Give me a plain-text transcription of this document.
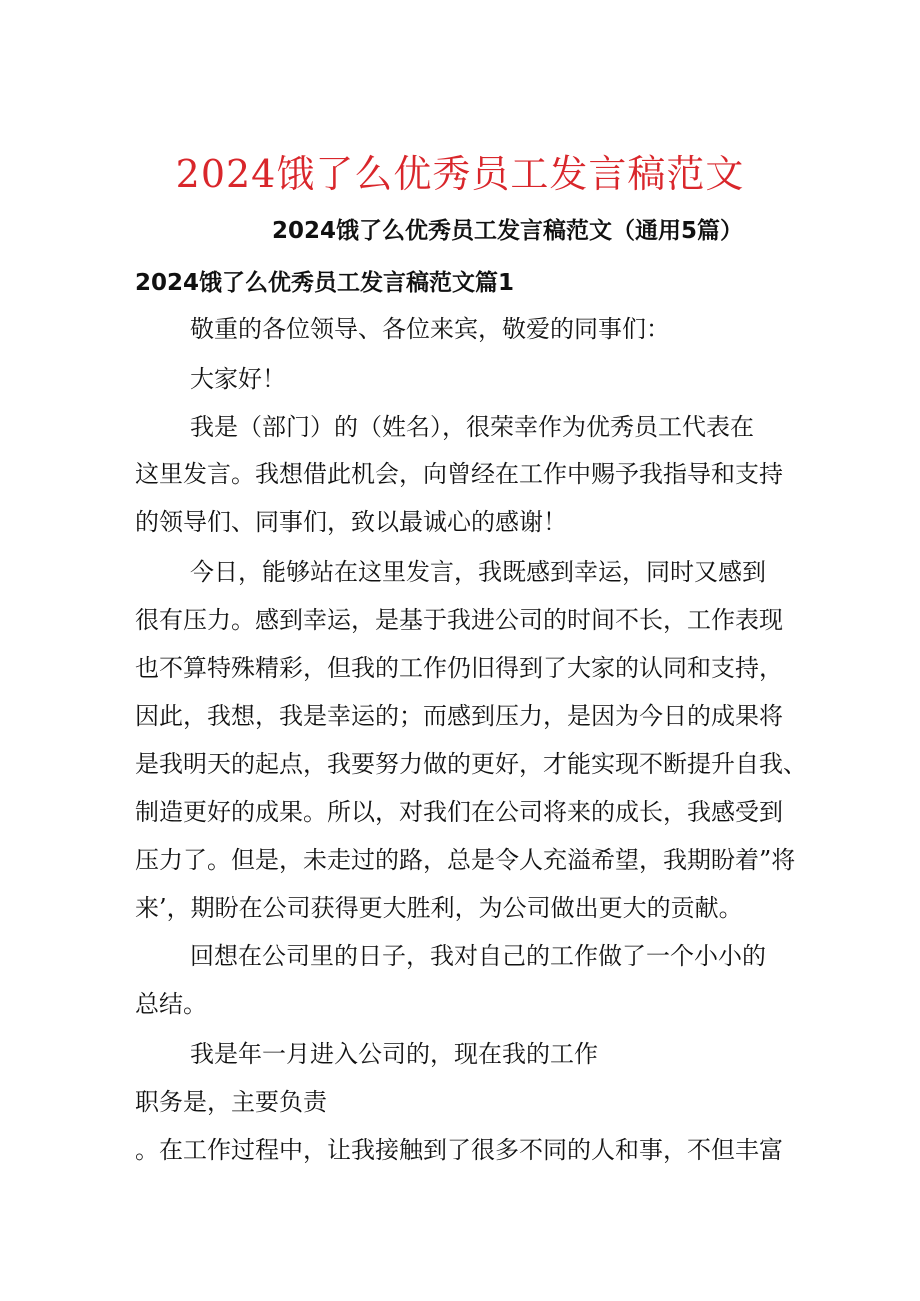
2024饿了么优秀员工发言稿范文

2024饿了么优秀员工发言稿范文（通用5篇）

2024饿了么优秀员工发言稿范文篇1

敬重的各位领导、各位来宾，敬爱的同事们：

大家好！

我是（部门）的（姓名），很荣幸作为优秀员工代表在

这里发言。我想借此机会，向曾经在工作中赐予我指导和支持

的领导们、同事们，致以最诚心的感谢！

今日，能够站在这里发言，我既感到幸运，同时又感到

很有压力。感到幸运，是基于我进公司的时间不长，工作表现

也不算特殊精彩，但我的工作仍旧得到了大家的认同和支持，

因此，我想，我是幸运的；而感到压力，是因为今日的成果将

是我明天的起点，我要努力做的更好，才能实现不断提升自我、

制造更好的成果。所以，对我们在公司将来的成长，我感受到

压力了。但是，未走过的路，总是令人充溢希望，我期盼着”将

来’，期盼在公司获得更大胜利，为公司做出更大的贡献。

回想在公司里的日子，我对自己的工作做了一个小小的

总结。

我是年一月进入公司的，现在我的工作

职务是，主要负责

。在工作过程中，让我接触到了很多不同的人和事，不但丰富
